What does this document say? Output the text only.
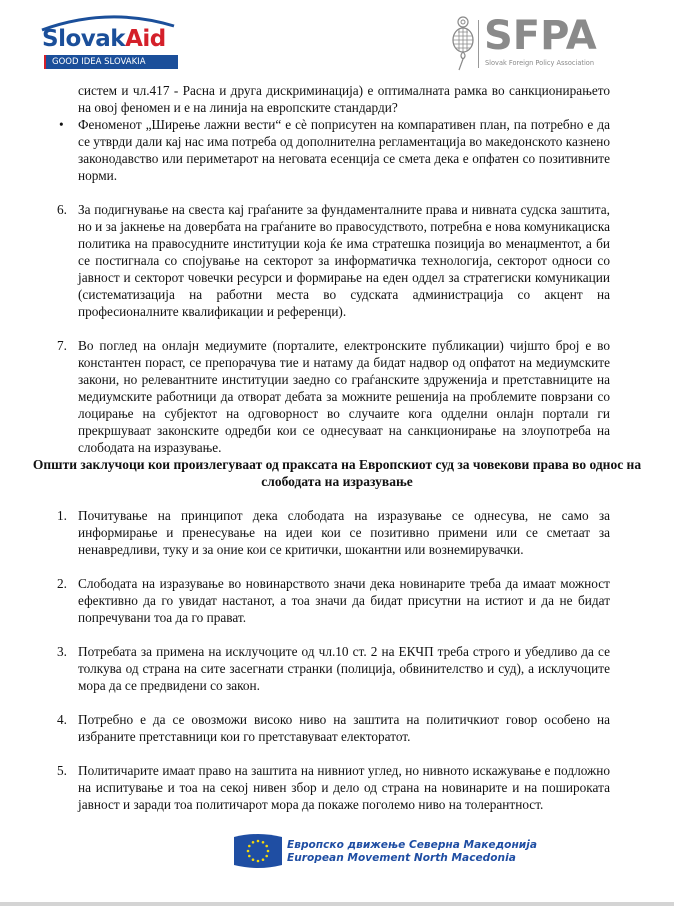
SlovakAid
GOOD IDEA SLOVAKIA
SFPA
Slovak Foreign Policy Association

систем и чл.417 - Расна и друга дискриминација) е оптималната рамка во санкционирањето на овој феномен и е на линија на европските стандарди?

• Феноменот „Ширење лажни вести“ е сè поприсутен на компаративен план, па потребно е да се утврди дали кај нас има потреба од дополнителна регламентација во македонското казнено законодавство или периметарот на неговата есенција се смета дека е опфатен со позитивните норми.

6. За подигнување на свеста кај граѓаните за фундаменталните права и нивната судска заштита, но и за јакнење на довербата на граѓаните во правосудството, потребна е нова комуникациска политика на правосудните институции која ќе има стратешка позиција во менаџментот, а би се постигнала со спојување на секторот за информатичка технологија, секторот односи со јавност и секторот човечки ресурси и формирање на еден оддел за стратегиски комуникации (систематизација на работни места во судската администрација со акцент на професионалните квалификации и референци).

7. Во поглед на онлајн медиумите (порталите, електронските публикации) чијшто број е во константен пораст, се препорачува тие и натаму да бидат надвор од опфатот на медиумските закони, но релевантните институции заедно со граѓанските здруженија и претставниците на медиумските работници да отворат дебата за можните решенија на проблемите поврзани со лоцирање на субјектот на одговорност во случаите кога одделни онлајн портали ги прекршуваат законските одредби кои се однесуваат на санкционирање на злоупотреба на слободата на изразување.

Општи заклучоци кои произлегуваат од праксата на Европскиот суд за човекови права во однос на слободата на изразување
1. Почитување на принципот дека слободата на изразување се однесува, не само за информирање и пренесување на идеи кои се позитивно примени или се сметаат за ненавредливи, туку и за оние кои се критички, шокантни или вознемирувачки.

2. Слободата на изразување во новинарството значи дека новинарите треба да имаат можност ефективно да го увидат настанот, а тоа значи да бидат присутни на истиот и да не бидат попречувани тоа да го прават.

3. Потребата за примена на исклучоците од чл.10 ст. 2 на ЕКЧП треба строго и убедливо да се толкува од страна на сите засегнати странки (полиција, обвинителство и суд), а исклучоците мора да се предвидени со закон.

4. Потребно е да се овозможи високо ниво на заштита на политичкиот говор особено на избраните претставници кои го претставуваат електоратот.

5. Политичарите имаат право на заштита на нивниот углед, но нивното искажување е подложно на испитување и тоа на секој нивен збор и дело од страна на новинарите и на пошироката јавност и заради тоа политичарот мора да покаже поголемо ниво на толерантност.

Европско движење Северна Македонија
European Movement North Macedonia
